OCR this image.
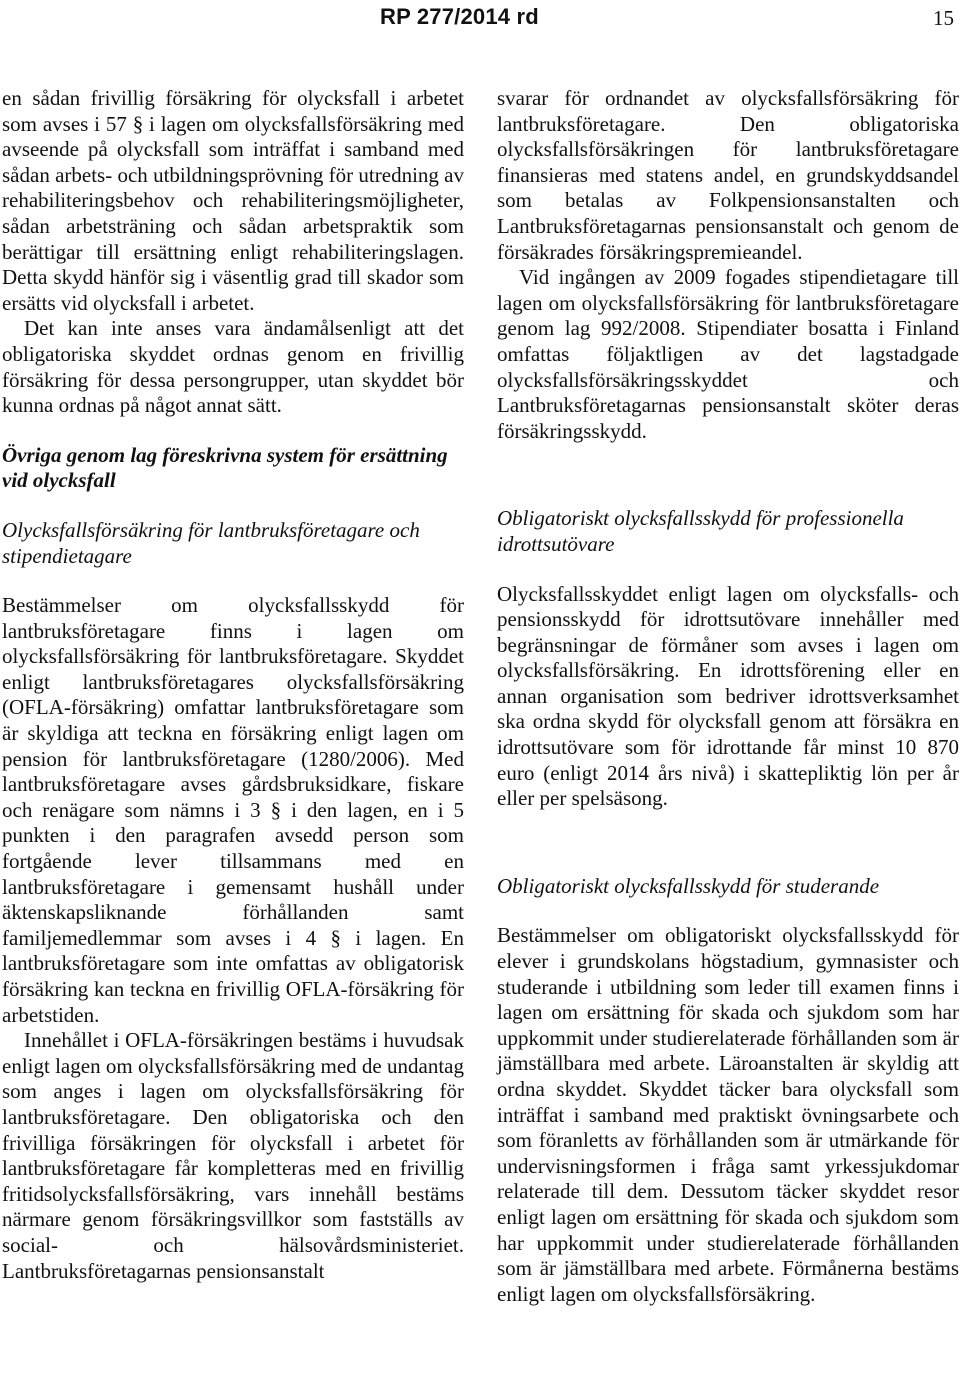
RP 277/2014 rd	15

en sådan frivillig försäkring för olycksfall i arbetet som avses i 57 § i lagen om olycksfallsförsäkring med avseende på olycksfall som inträffat i samband med sådan arbets- och utbildningsprövning för utredning av rehabiliteringsbehov och rehabiliteringsmöjligheter, sådan arbetsträning och sådan arbetspraktik som berättigar till ersättning enligt rehabiliteringslagen. Detta skydd hänför sig i väsentlig grad till skador som ersätts vid olycksfall i arbetet.

Det kan inte anses vara ändamålsenligt att det obligatoriska skyddet ordnas genom en frivillig försäkring för dessa persongrupper, utan skyddet bör kunna ordnas på något annat sätt.

Övriga genom lag föreskrivna system för ersättning vid olycksfall
Olycksfallsförsäkring för lantbruksföretagare och stipendietagare

Bestämmelser om olycksfallsskydd för lantbruksföretagare finns i lagen om olycksfallsförsäkring för lantbruksföretagare. Skyddet enligt lantbruksföretagares olycksfallsförsäkring (OFLA-försäkring) omfattar lantbruksföretagare som är skyldiga att teckna en försäkring enligt lagen om pension för lantbruksföretagare (1280/2006). Med lantbruksföretagare avses gårdsbruksidkare, fiskare och renägare som nämns i 3 § i den lagen, en i 5 punkten i den paragrafen avsedd person som fortgående lever tillsammans med en lantbruksföretagare i gemensamt hushåll under äktenskapsliknande förhållanden samt familjemedlemmar som avses i 4 § i lagen. En lantbruksföretagare som inte omfattas av obligatorisk försäkring kan teckna en frivillig OFLA-försäkring för arbetstiden.

Innehållet i OFLA-försäkringen bestäms i huvudsak enligt lagen om olycksfallsförsäkring med de undantag som anges i lagen om olycksfallsförsäkring för lantbruksföretagare. Den obligatoriska och den frivilliga försäkringen för olycksfall i arbetet för lantbruksföretagare får kompletteras med en frivillig fritidsolycksfallsförsäkring, vars innehåll bestäms närmare genom försäkringsvillkor som fastställs av social- och hälsovårdsministeriet. Lantbruksföretagarnas pensionsanstalt

svarar för ordnandet av olycksfallsförsäkring för lantbruksföretagare. Den obligatoriska olycksfallsförsäkringen för lantbruksföretagare finansieras med statens andel, en grundskyddsandel som betalas av Folkpensionsanstalten och Lantbruksföretagarnas pensionsanstalt och genom de försäkrades försäkringspremieandel.

Vid ingången av 2009 fogades stipendietagare till lagen om olycksfallsförsäkring för lantbruksföretagare genom lag 992/2008. Stipendiater bosatta i Finland omfattas följaktligen av det lagstadgade olycksfallsförsäkringsskyddet och Lantbruksföretagarnas pensionsanstalt sköter deras försäkringsskydd.

Obligatoriskt olycksfallsskydd för professionella idrottsutövare

Olycksfallsskyddet enligt lagen om olycksfalls- och pensionsskydd för idrottsutövare innehåller med begränsningar de förmåner som avses i lagen om olycksfallsförsäkring. En idrottsförening eller en annan organisation som bedriver idrottsverksamhet ska ordna skydd för olycksfall genom att försäkra en idrottsutövare som för idrottande får minst 10 870 euro (enligt 2014 års nivå) i skattepliktig lön per år eller per spelsäsong.

Obligatoriskt olycksfallsskydd för studerande

Bestämmelser om obligatoriskt olycksfallsskydd för elever i grundskolans högstadium, gymnasister och studerande i utbildning som leder till examen finns i lagen om ersättning för skada och sjukdom som har uppkommit under studierelaterade förhållanden som är jämställbara med arbete. Läroanstalten är skyldig att ordna skyddet. Skyddet täcker bara olycksfall som inträffat i samband med praktiskt övningsarbete och som föranletts av förhållanden som är utmärkande för undervisningsformen i fråga samt yrkessjukdomar relaterade till dem. Dessutom täcker skyddet resor enligt lagen om ersättning för skada och sjukdom som har uppkommit under studierelaterade förhållanden som är jämställbara med arbete. Förmånerna bestäms enligt lagen om olycksfallsförsäkring.
